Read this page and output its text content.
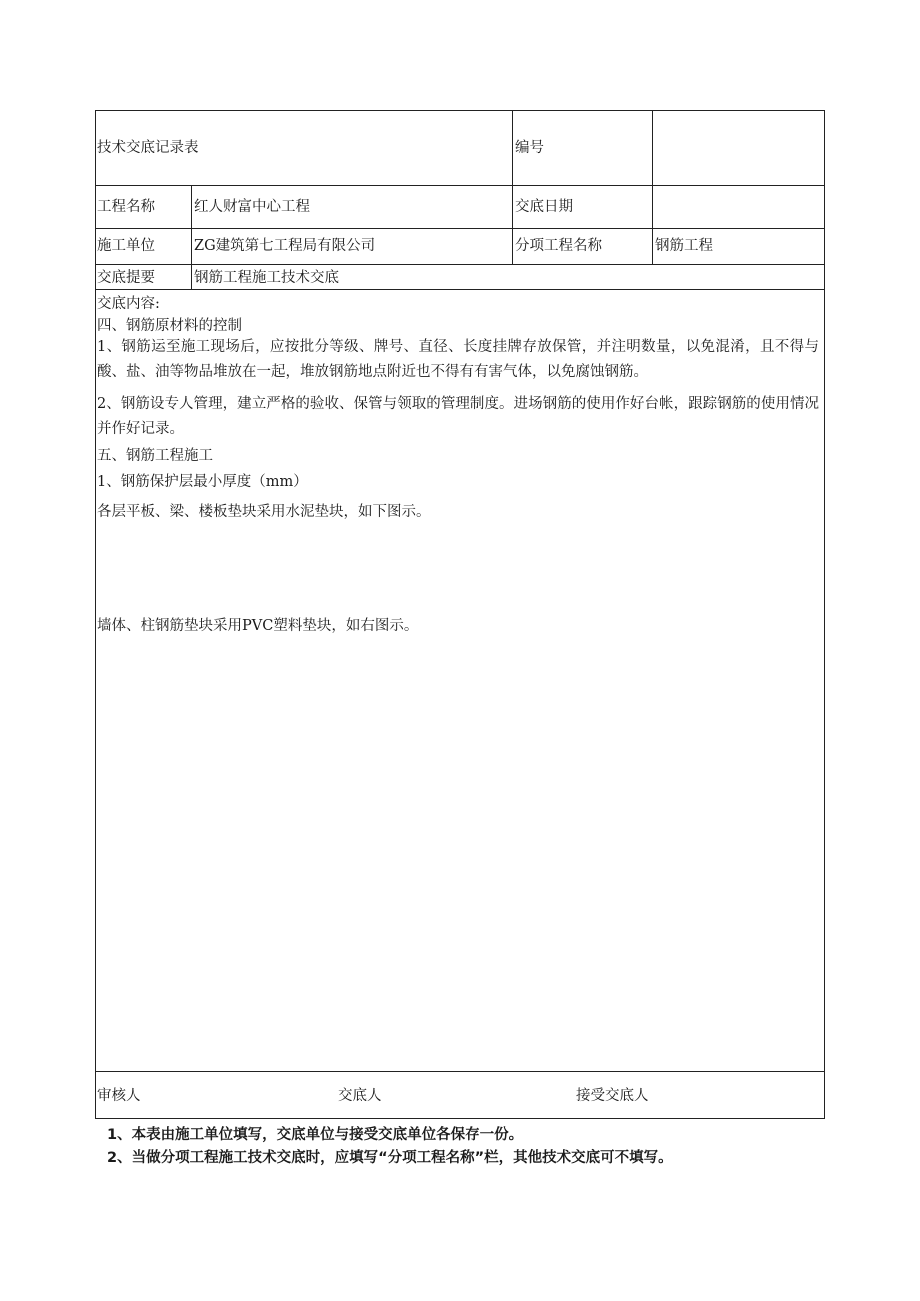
技术交底记录表	编号
工程名称	红人财富中心工程	交底日期
施工单位	ZG建筑第七工程局有限公司	分项工程名称	钢筋工程
交底提要	钢筋工程施工技术交底
交底内容:
四、钢筋原材料的控制
1、钢筋运至施工现场后，应按批分等级、牌号、直径、长度挂牌存放保管，并注明数量，以免混淆，且不得与酸、盐、油等物品堆放在一起，堆放钢筋地点附近也不得有有害气体，以免腐蚀钢筋。
2、钢筋设专人管理，建立严格的验收、保管与领取的管理制度。进场钢筋的使用作好台帐，跟踪钢筋的使用情况并作好记录。
五、钢筋工程施工
1、钢筋保护层最小厚度（mm）
各层平板、梁、楼板垫块采用水泥垫块，如下图示。
墙体、柱钢筋垫块采用PVC塑料垫块，如右图示。
审核人	交底人	接受交底人
1、本表由施工单位填写，交底单位与接受交底单位各保存一份。
2、当做分项工程施工技术交底时，应填写“分项工程名称”栏，其他技术交底可不填写。
